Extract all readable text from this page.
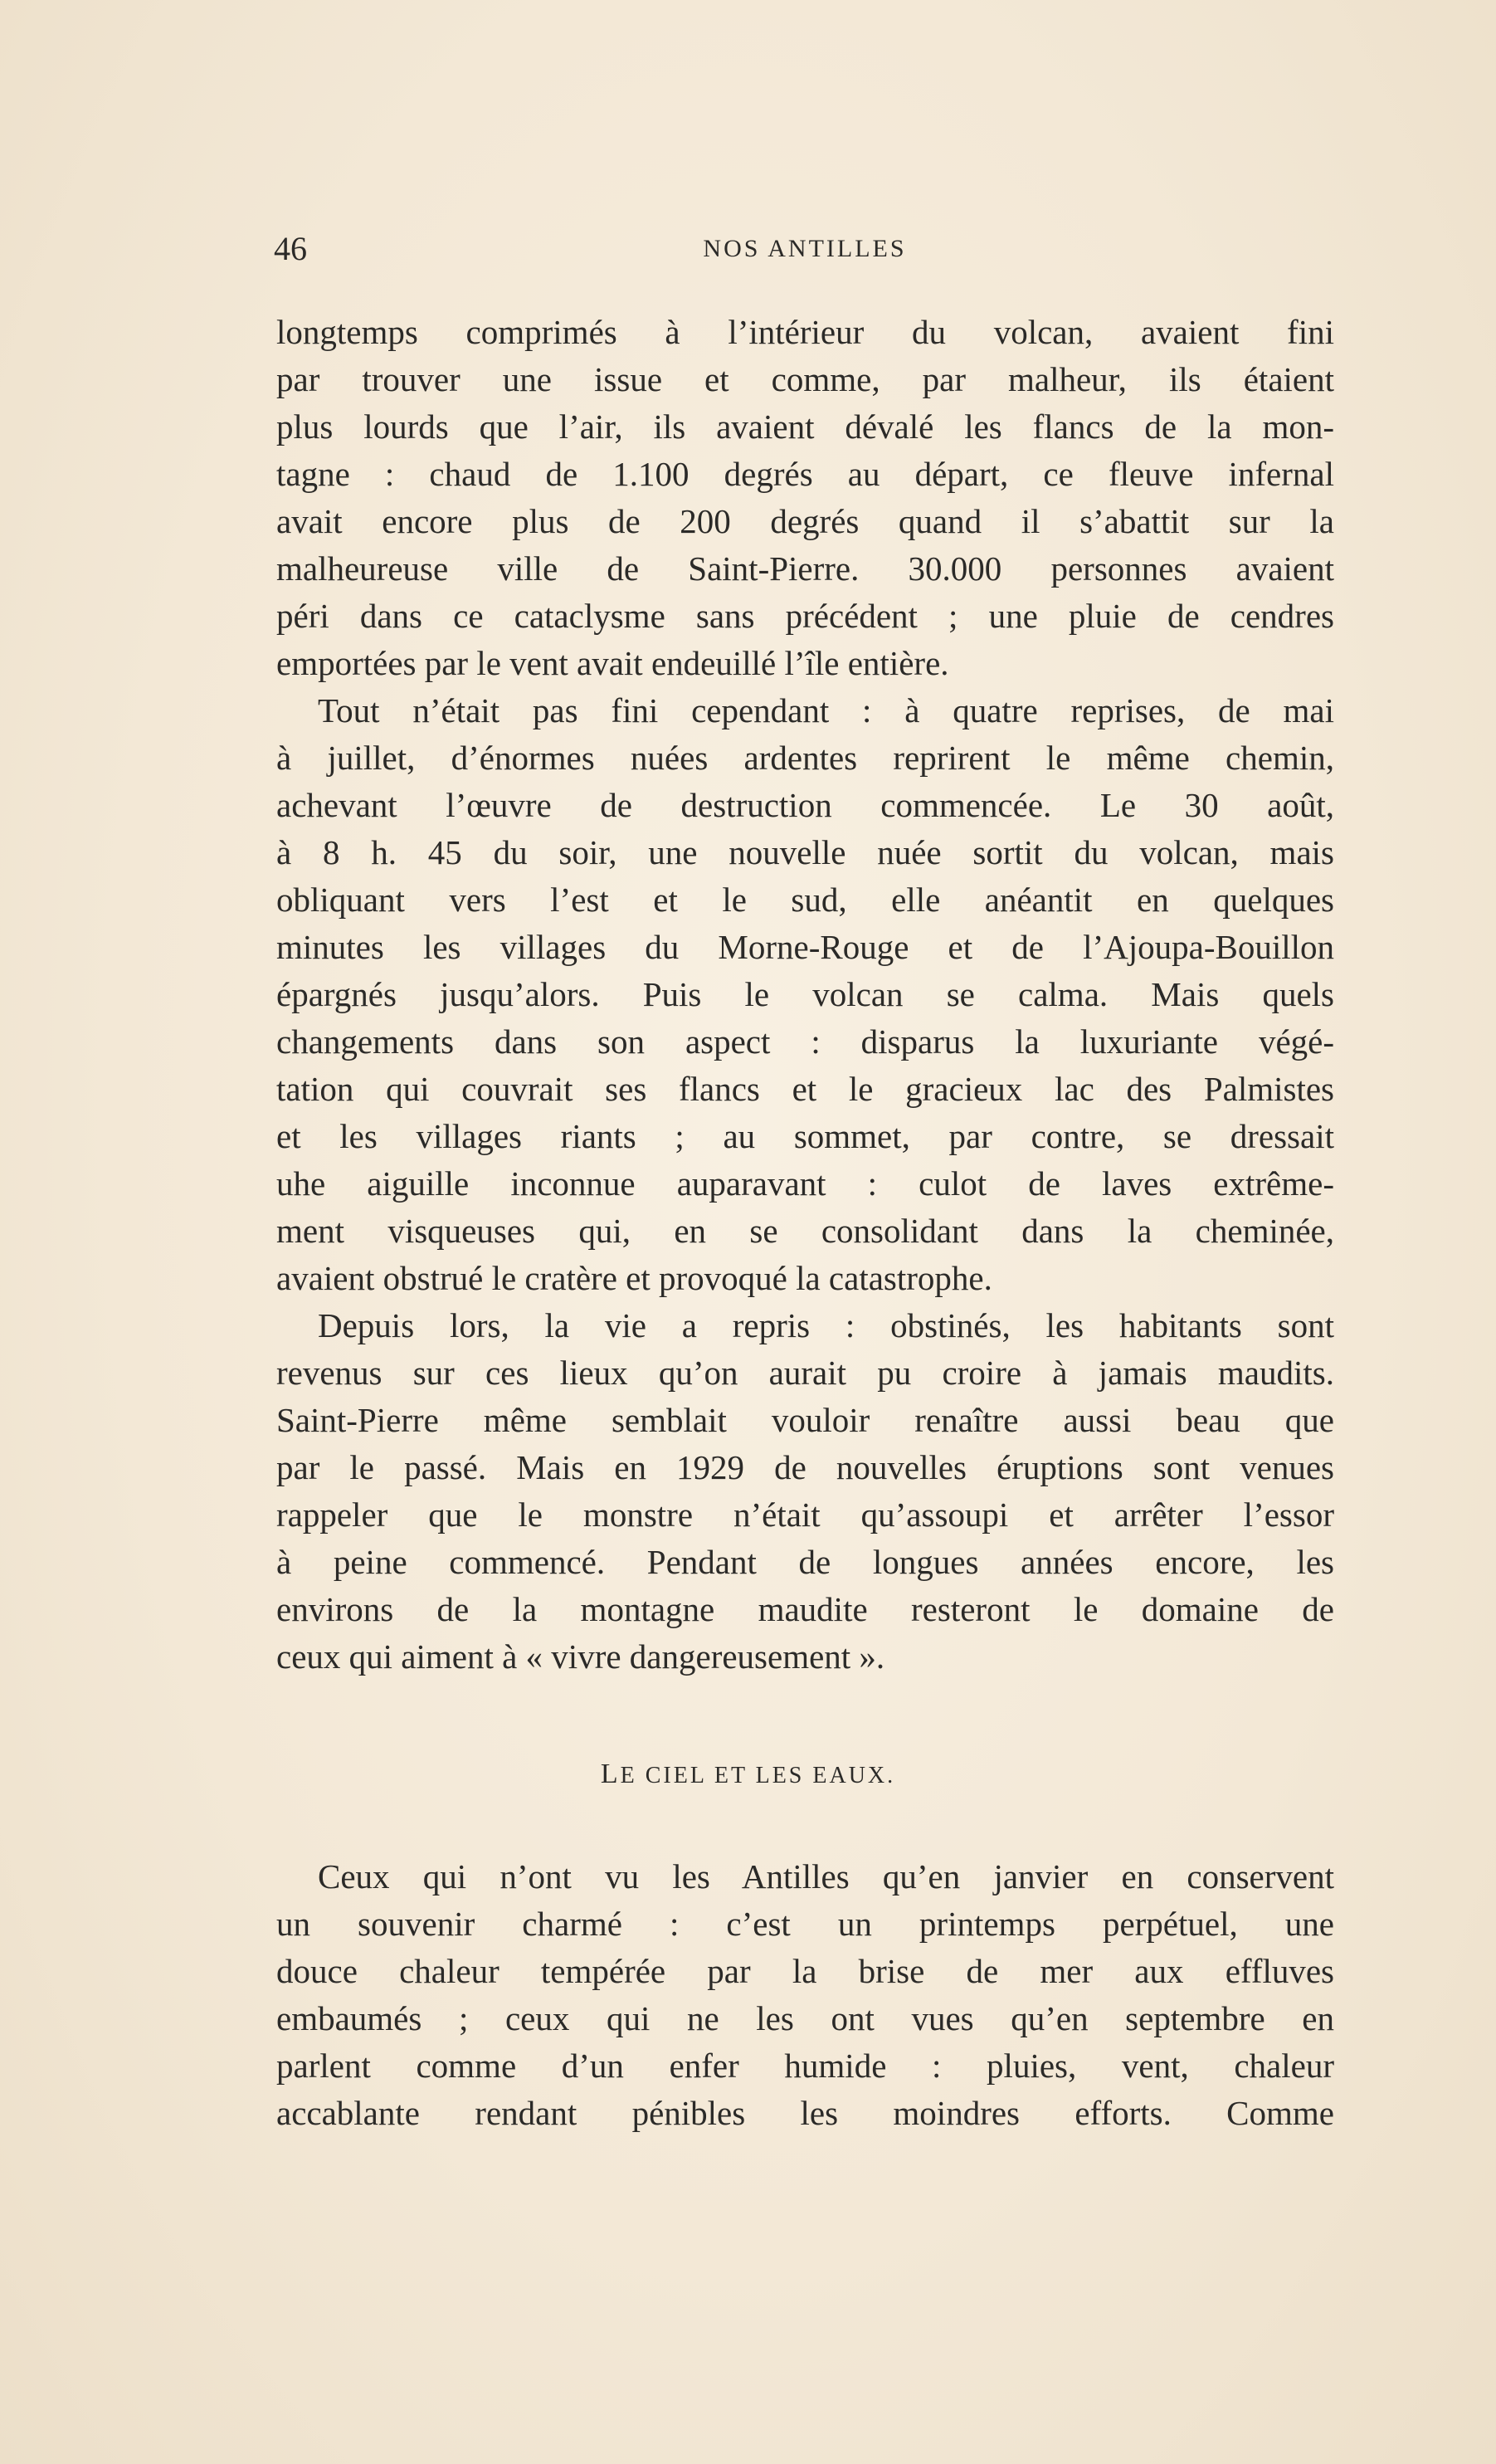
46	NOS ANTILLES
longtemps comprimés à l’intérieur du volcan, avaient fini
par trouver une issue et comme, par malheur, ils étaient
plus lourds que l’air, ils avaient dévalé les flancs de la mon-
tagne : chaud de 1.100 degrés au départ, ce fleuve infernal
avait encore plus de 200 degrés quand il s’abattit sur la
malheureuse ville de Saint-Pierre. 30.000 personnes avaient
péri dans ce cataclysme sans précédent ; une pluie de cendres
emportées par le vent avait endeuillé l’île entière.
Tout n’était pas fini cependant : à quatre reprises, de mai
à juillet, d’énormes nuées ardentes reprirent le même chemin,
achevant l’œuvre de destruction commencée. Le 30 août,
à 8 h. 45 du soir, une nouvelle nuée sortit du volcan, mais
obliquant vers l’est et le sud, elle anéantit en quelques
minutes les villages du Morne-Rouge et de l’Ajoupa-Bouillon
épargnés jusqu’alors. Puis le volcan se calma. Mais quels
changements dans son aspect : disparus la luxuriante végé-
tation qui couvrait ses flancs et le gracieux lac des Palmistes
et les villages riants ; au sommet, par contre, se dressait
uhe aiguille inconnue auparavant : culot de laves extrême-
ment visqueuses qui, en se consolidant dans la cheminée,
avaient obstrué le cratère et provoqué la catastrophe.
Depuis lors, la vie a repris : obstinés, les habitants sont
revenus sur ces lieux qu’on aurait pu croire à jamais maudits.
Saint-Pierre même semblait vouloir renaître aussi beau que
par le passé. Mais en 1929 de nouvelles éruptions sont venues
rappeler que le monstre n’était qu’assoupi et arrêter l’essor
à peine commencé. Pendant de longues années encore, les
environs de la montagne maudite resteront le domaine de
ceux qui aiment à « vivre dangereusement ».
LE CIEL ET LES EAUX.
Ceux qui n’ont vu les Antilles qu’en janvier en conservent
un souvenir charmé : c’est un printemps perpétuel, une
douce chaleur tempérée par la brise de mer aux effluves
embaumés ; ceux qui ne les ont vues qu’en septembre en
parlent comme d’un enfer humide : pluies, vent, chaleur
accablante rendant pénibles les moindres efforts. Comme
